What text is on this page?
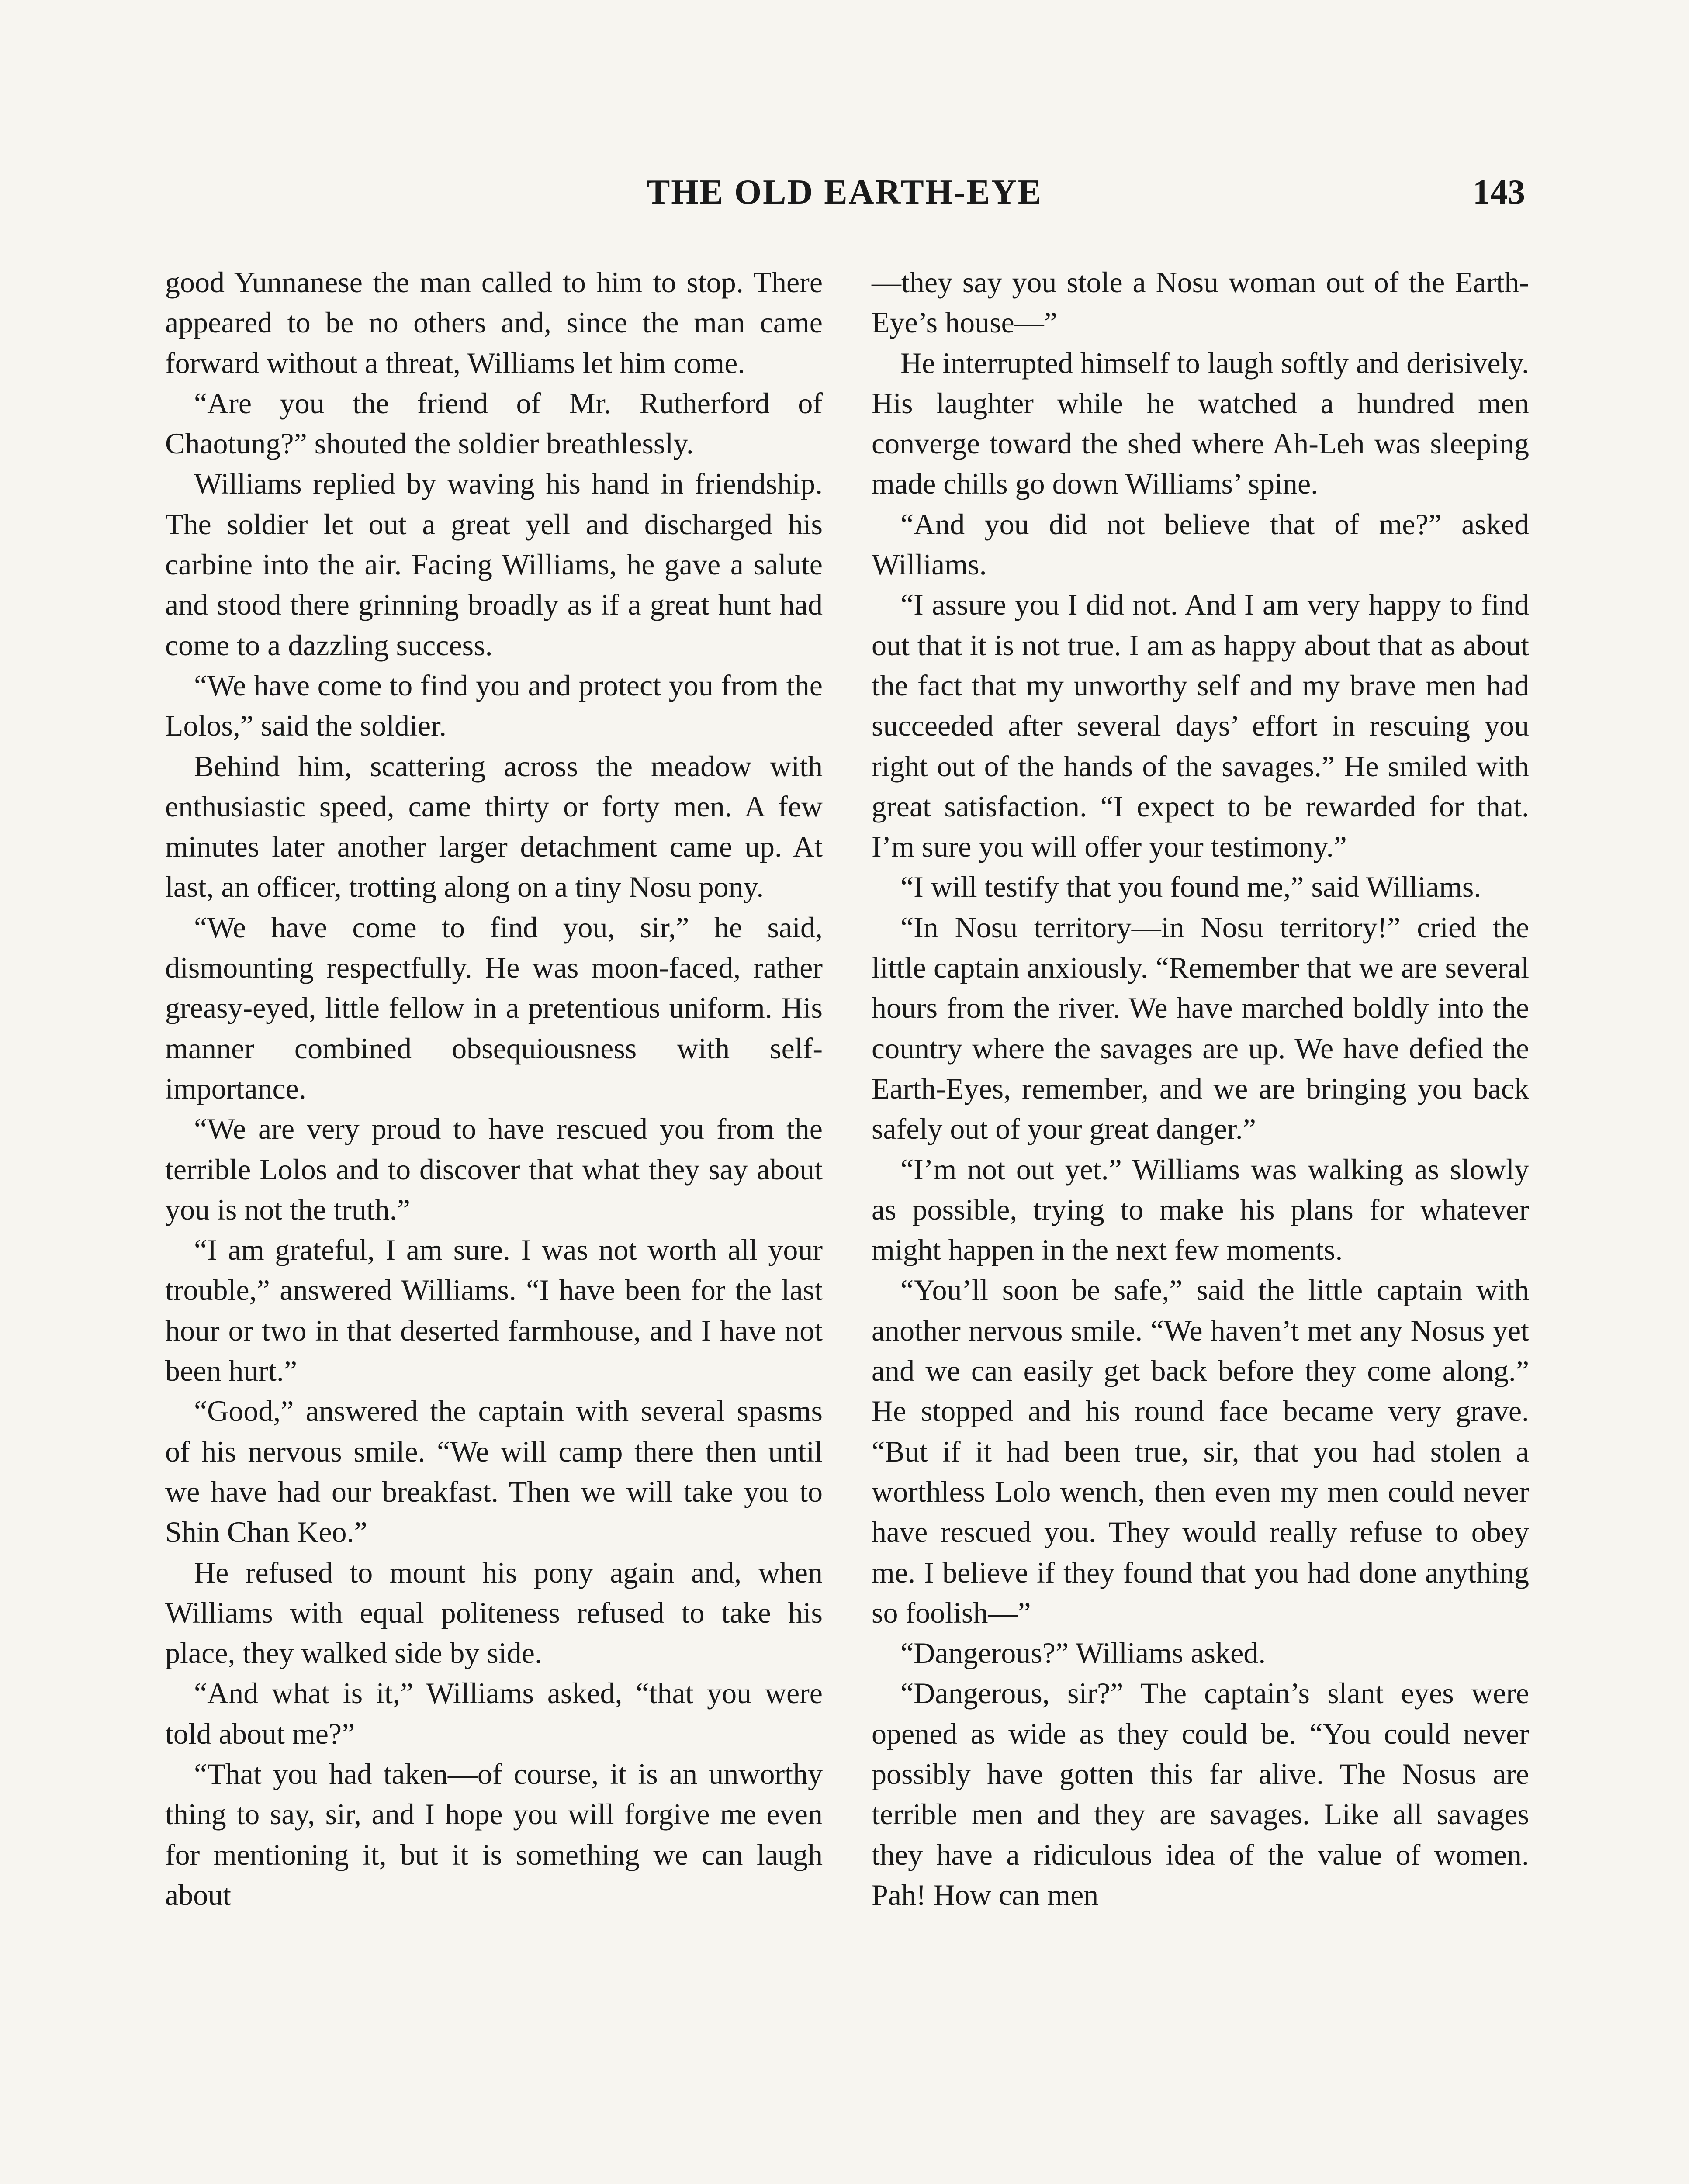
THE OLD EARTH-EYE	143

good Yunnanese the man called to him to stop. There appeared to be no others and, since the man came forward without a threat, Williams let him come.

“Are you the friend of Mr. Rutherford of Chaotung?” shouted the soldier breathlessly.

Williams replied by waving his hand in friendship. The soldier let out a great yell and discharged his carbine into the air. Facing Williams, he gave a salute and stood there grinning broadly as if a great hunt had come to a dazzling success.

“We have come to find you and protect you from the Lolos,” said the soldier.

Behind him, scattering across the meadow with enthusiastic speed, came thirty or forty men. A few minutes later another larger detachment came up. At last, an officer, trotting along on a tiny Nosu pony.

“We have come to find you, sir,” he said, dismounting respectfully. He was moon-faced, rather greasy-eyed, little fellow in a pretentious uniform. His manner combined obsequiousness with self-importance.

“We are very proud to have rescued you from the terrible Lolos and to discover that what they say about you is not the truth.”

“I am grateful, I am sure. I was not worth all your trouble,” answered Williams. “I have been for the last hour or two in that deserted farmhouse, and I have not been hurt.”

“Good,” answered the captain with several spasms of his nervous smile. “We will camp there then until we have had our breakfast. Then we will take you to Shin Chan Keo.”

He refused to mount his pony again and, when Williams with equal politeness refused to take his place, they walked side by side.

“And what is it,” Williams asked, “that you were told about me?”

“That you had taken—of course, it is an unworthy thing to say, sir, and I hope you will forgive me even for mentioning it, but it is something we can laugh about

—they say you stole a Nosu woman out of the Earth-Eye’s house—”

He interrupted himself to laugh softly and derisively. His laughter while he watched a hundred men converge toward the shed where Ah-Leh was sleeping made chills go down Williams’ spine.

“And you did not believe that of me?” asked Williams.

“I assure you I did not. And I am very happy to find out that it is not true. I am as happy about that as about the fact that my unworthy self and my brave men had succeeded after several days’ effort in rescuing you right out of the hands of the savages.” He smiled with great satisfaction. “I expect to be rewarded for that. I’m sure you will offer your testimony.”

“I will testify that you found me,” said Williams.

“In Nosu territory—in Nosu territory!” cried the little captain anxiously. “Remember that we are several hours from the river. We have marched boldly into the country where the savages are up. We have defied the Earth-Eyes, remember, and we are bringing you back safely out of your great danger.”

“I’m not out yet.” Williams was walking as slowly as possible, trying to make his plans for whatever might happen in the next few moments.

“You’ll soon be safe,” said the little captain with another nervous smile. “We haven’t met any Nosus yet and we can easily get back before they come along.” He stopped and his round face became very grave. “But if it had been true, sir, that you had stolen a worthless Lolo wench, then even my men could never have rescued you. They would really refuse to obey me. I believe if they found that you had done anything so foolish—”

“Dangerous?” Williams asked.

“Dangerous, sir?” The captain’s slant eyes were opened as wide as they could be. “You could never possibly have gotten this far alive. The Nosus are terrible men and they are savages. Like all savages they have a ridiculous idea of the value of women. Pah! How can men
